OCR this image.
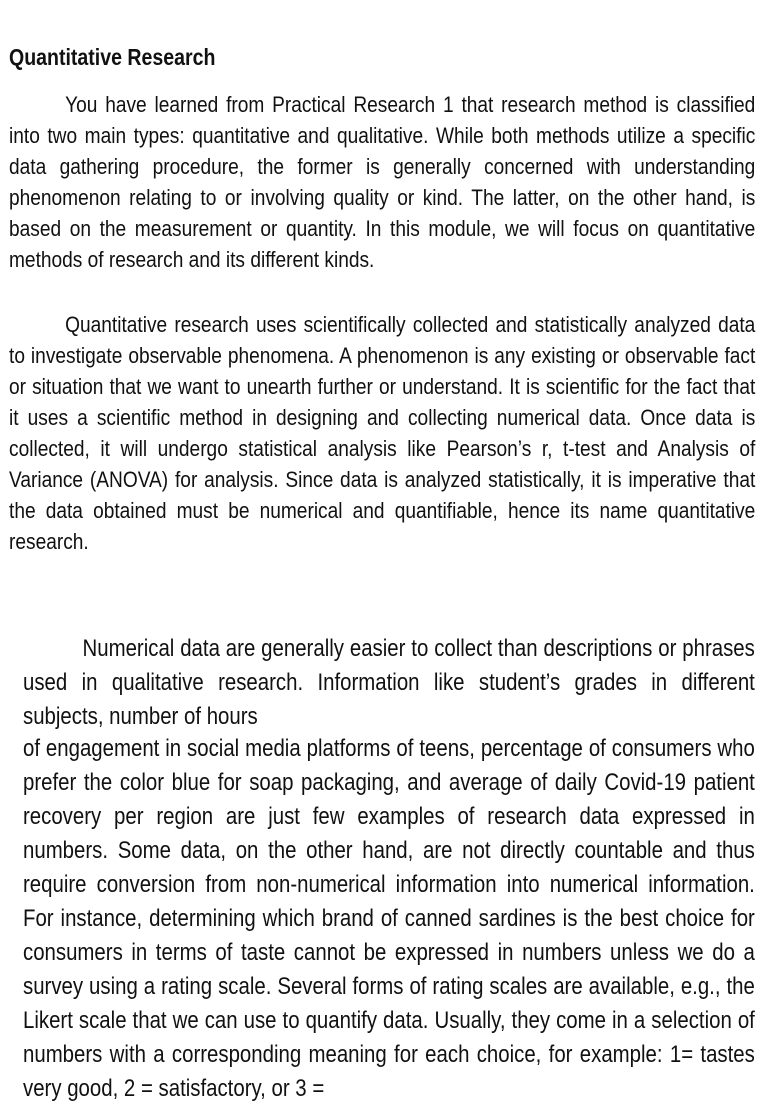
Quantitative Research

You have learned from Practical Research 1 that research method is classified into two main types: quantitative and qualitative. While both methods utilize a specific data gathering procedure, the former is generally concerned with understanding phenomenon relating to or involving quality or kind. The latter, on the other hand, is based on the measurement or quantity. In this module, we will focus on quantitative methods of research and its different kinds.

Quantitative research uses scientifically collected and statistically analyzed data to investigate observable phenomena. A phenomenon is any existing or observable fact or situation that we want to unearth further or understand. It is scientific for the fact that it uses a scientific method in designing and collecting numerical data. Once data is collected, it will undergo statistical analysis like Pearson’s r, t-test and Analysis of Variance (ANOVA) for analysis. Since data is analyzed statistically, it is imperative that the data obtained must be numerical and quantifiable, hence its name quantitative research.

Numerical data are generally easier to collect than descriptions or phrases used in qualitative research. Information like student’s grades in different subjects, number of hours

of engagement in social media platforms of teens, percentage of consumers who prefer the color blue for soap packaging, and average of daily Covid-19 patient recovery per region are just few examples of research data expressed in numbers. Some data, on the other hand, are not directly countable and thus require conversion from non-numerical information into numerical information. For instance, determining which brand of canned sardines is the best choice for consumers in terms of taste cannot be expressed in numbers unless we do a survey using a rating scale. Several forms of rating scales are available, e.g., the Likert scale that we can use to quantify data. Usually, they come in a selection of numbers with a corresponding meaning for each choice, for example: 1= tastes very good, 2 = satisfactory, or 3 =
